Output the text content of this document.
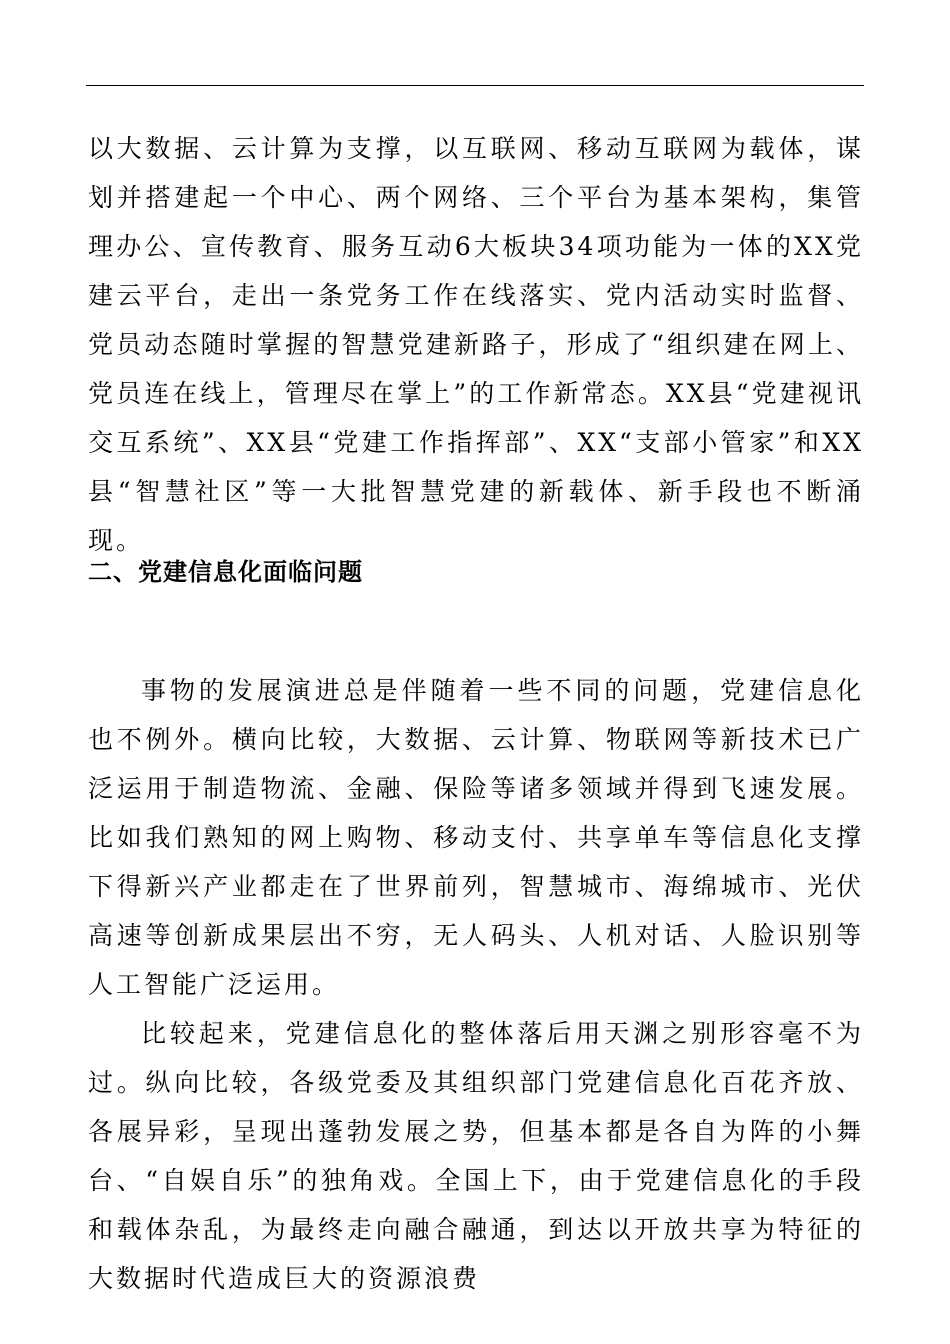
以大数据、云计算为支撑，以互联网、移动互联网为载体，谋划并搭建起一个中心、两个网络、三个平台为基本架构，集管理办公、宣传教育、服务互动6大板块34项功能为一体的XX党建云平台，走出一条党务工作在线落实、党内活动实时监督、党员动态随时掌握的智慧党建新路子，形成了“组织建在网上、党员连在线上，管理尽在掌上”的工作新常态。XX县“党建视讯交互系统”、XX县“党建工作指挥部”、XX“支部小管家”和XX县“智慧社区”等一大批智慧党建的新载体、新手段也不断涌现。

二、党建信息化面临问题

事物的发展演进总是伴随着一些不同的问题，党建信息化也不例外。横向比较，大数据、云计算、物联网等新技术已广泛运用于制造物流、金融、保险等诸多领域并得到飞速发展。比如我们熟知的网上购物、移动支付、共享单车等信息化支撑下得新兴产业都走在了世界前列，智慧城市、海绵城市、光伏高速等创新成果层出不穷，无人码头、人机对话、人脸识别等人工智能广泛运用。

比较起来，党建信息化的整体落后用天渊之别形容毫不为过。纵向比较，各级党委及其组织部门党建信息化百花齐放、各展异彩，呈现出蓬勃发展之势，但基本都是各自为阵的小舞台、“自娱自乐”的独角戏。全国上下，由于党建信息化的手段和载体杂乱，为最终走向融合融通，到达以开放共享为特征的大数据时代造成巨大的资源浪费
